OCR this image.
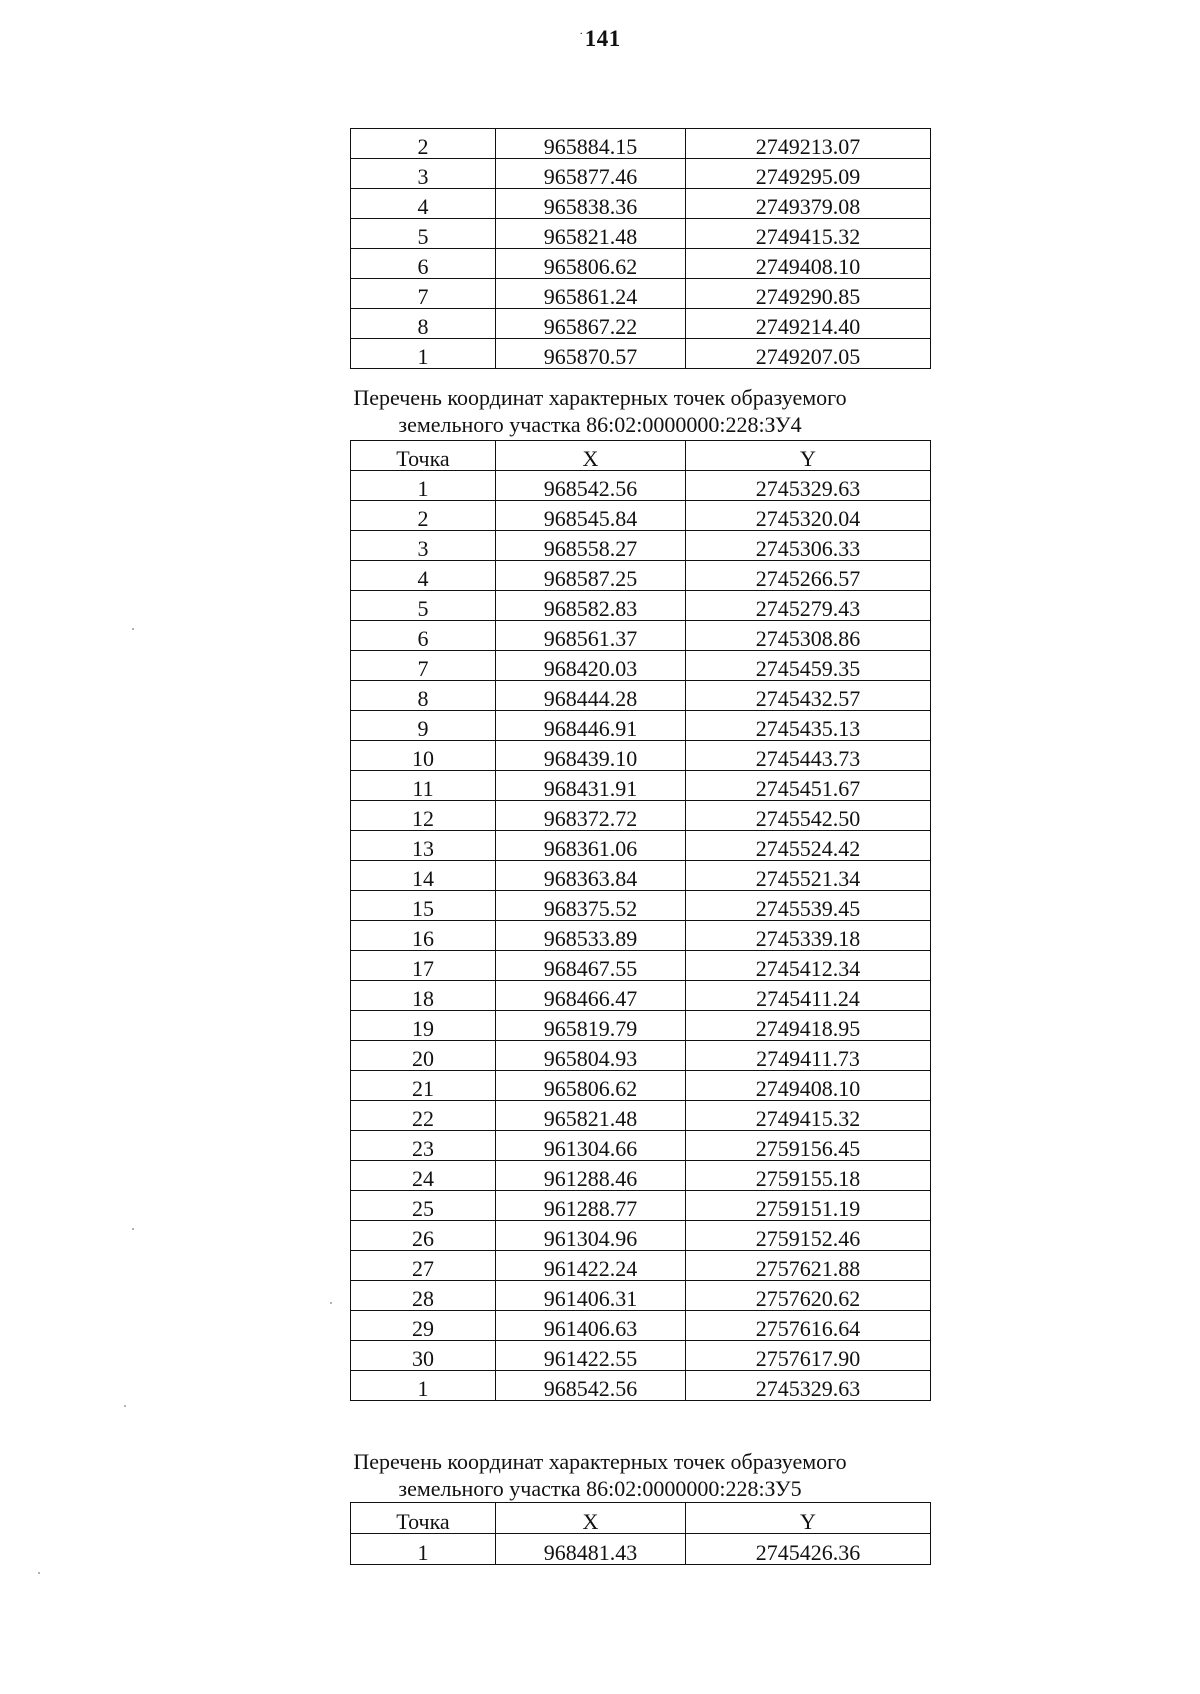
·141
2	965884.15	2749213.07
3	965877.46	2749295.09
4	965838.36	2749379.08
5	965821.48	2749415.32
6	965806.62	2749408.10
7	965861.24	2749290.85
8	965867.22	2749214.40
1	965870.57	2749207.05
Перечень координат характерных точек образуемого
земельного участка 86:02:0000000:228:ЗУ4
Точка	X	Y
1	968542.56	2745329.63
2	968545.84	2745320.04
3	968558.27	2745306.33
4	968587.25	2745266.57
5	968582.83	2745279.43
6	968561.37	2745308.86
7	968420.03	2745459.35
8	968444.28	2745432.57
9	968446.91	2745435.13
10	968439.10	2745443.73
11	968431.91	2745451.67
12	968372.72	2745542.50
13	968361.06	2745524.42
14	968363.84	2745521.34
15	968375.52	2745539.45
16	968533.89	2745339.18
17	968467.55	2745412.34
18	968466.47	2745411.24
19	965819.79	2749418.95
20	965804.93	2749411.73
21	965806.62	2749408.10
22	965821.48	2749415.32
23	961304.66	2759156.45
24	961288.46	2759155.18
25	961288.77	2759151.19
26	961304.96	2759152.46
27	961422.24	2757621.88
28	961406.31	2757620.62
29	961406.63	2757616.64
30	961422.55	2757617.90
1	968542.56	2745329.63
Перечень координат характерных точек образуемого
земельного участка 86:02:0000000:228:ЗУ5
Точка	X	Y
1	968481.43	2745426.36
